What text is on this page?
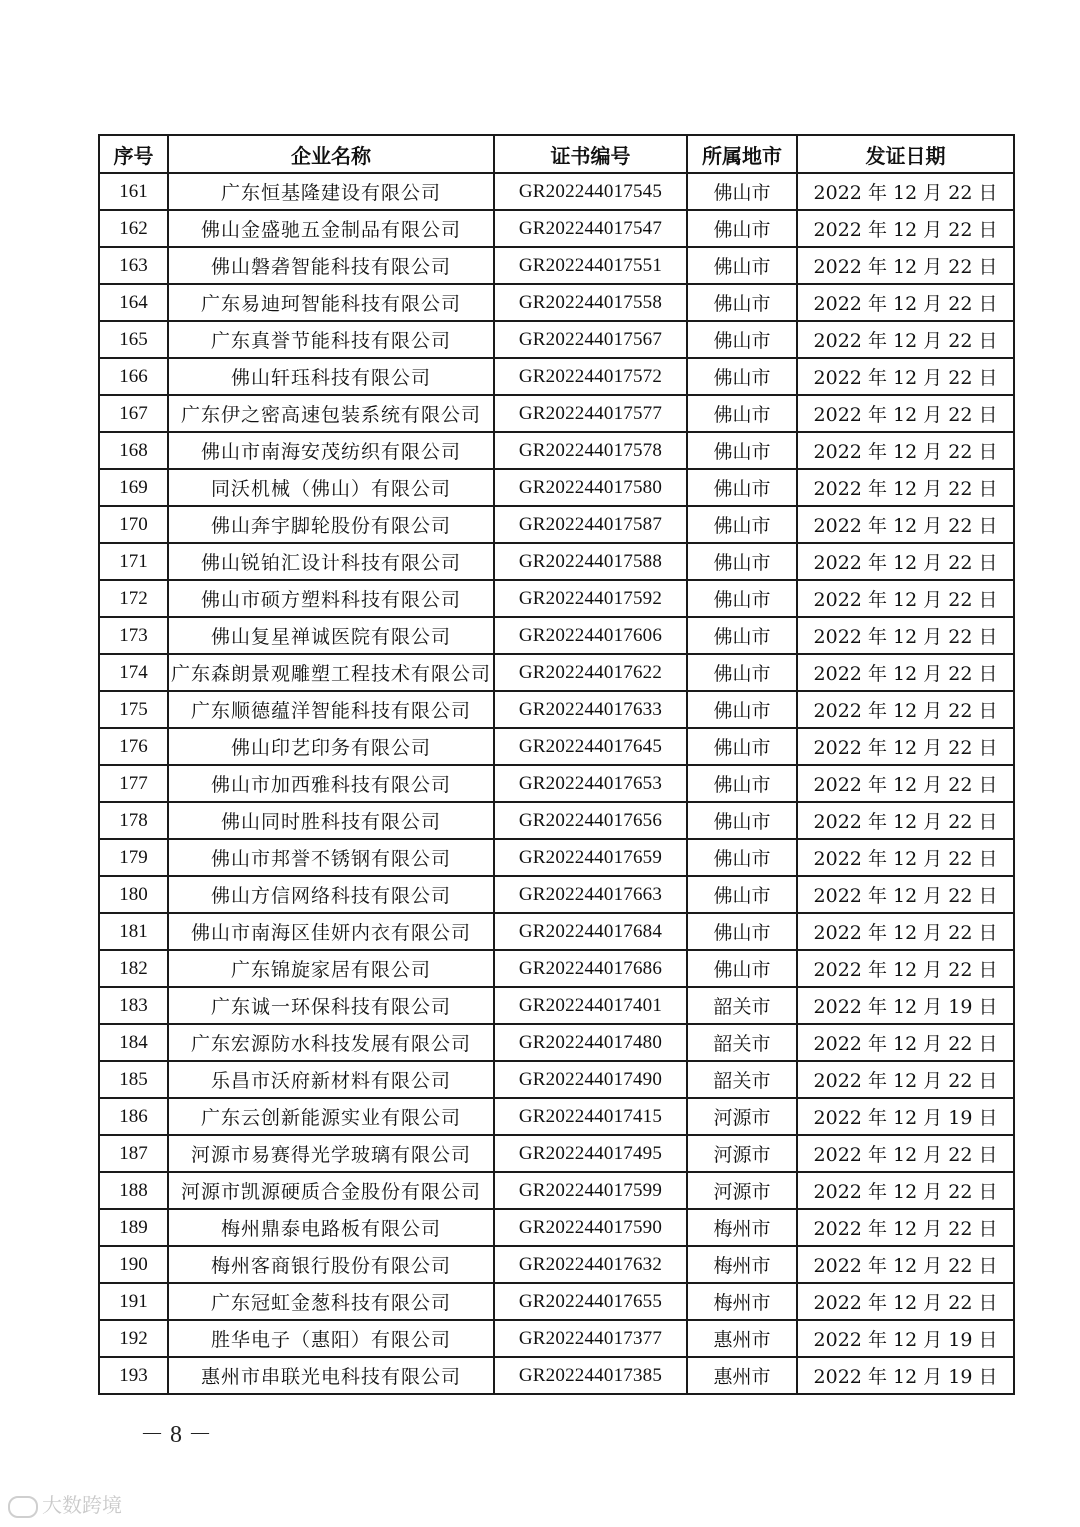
序号	企业名称	证书编号	所属地市	发证日期
161	广东恒基隆建设有限公司	GR202244017545	佛山市	2022 年 12 月 22 日
162	佛山金盛驰五金制品有限公司	GR202244017547	佛山市	2022 年 12 月 22 日
163	佛山磐砻智能科技有限公司	GR202244017551	佛山市	2022 年 12 月 22 日
164	广东易迪珂智能科技有限公司	GR202244017558	佛山市	2022 年 12 月 22 日
165	广东真誉节能科技有限公司	GR202244017567	佛山市	2022 年 12 月 22 日
166	佛山轩珏科技有限公司	GR202244017572	佛山市	2022 年 12 月 22 日
167	广东伊之密高速包装系统有限公司	GR202244017577	佛山市	2022 年 12 月 22 日
168	佛山市南海安茂纺织有限公司	GR202244017578	佛山市	2022 年 12 月 22 日
169	同沃机械（佛山）有限公司	GR202244017580	佛山市	2022 年 12 月 22 日
170	佛山奔宇脚轮股份有限公司	GR202244017587	佛山市	2022 年 12 月 22 日
171	佛山锐铂汇设计科技有限公司	GR202244017588	佛山市	2022 年 12 月 22 日
172	佛山市硕方塑料科技有限公司	GR202244017592	佛山市	2022 年 12 月 22 日
173	佛山复星禅诚医院有限公司	GR202244017606	佛山市	2022 年 12 月 22 日
174	广东森朗景观雕塑工程技术有限公司	GR202244017622	佛山市	2022 年 12 月 22 日
175	广东顺德蕴洋智能科技有限公司	GR202244017633	佛山市	2022 年 12 月 22 日
176	佛山印艺印务有限公司	GR202244017645	佛山市	2022 年 12 月 22 日
177	佛山市加西雅科技有限公司	GR202244017653	佛山市	2022 年 12 月 22 日
178	佛山同时胜科技有限公司	GR202244017656	佛山市	2022 年 12 月 22 日
179	佛山市邦誉不锈钢有限公司	GR202244017659	佛山市	2022 年 12 月 22 日
180	佛山方信网络科技有限公司	GR202244017663	佛山市	2022 年 12 月 22 日
181	佛山市南海区佳妍内衣有限公司	GR202244017684	佛山市	2022 年 12 月 22 日
182	广东锦旋家居有限公司	GR202244017686	佛山市	2022 年 12 月 22 日
183	广东诚一环保科技有限公司	GR202244017401	韶关市	2022 年 12 月 19 日
184	广东宏源防水科技发展有限公司	GR202244017480	韶关市	2022 年 12 月 22 日
185	乐昌市沃府新材料有限公司	GR202244017490	韶关市	2022 年 12 月 22 日
186	广东云创新能源实业有限公司	GR202244017415	河源市	2022 年 12 月 19 日
187	河源市易赛得光学玻璃有限公司	GR202244017495	河源市	2022 年 12 月 22 日
188	河源市凯源硬质合金股份有限公司	GR202244017599	河源市	2022 年 12 月 22 日
189	梅州鼎泰电路板有限公司	GR202244017590	梅州市	2022 年 12 月 22 日
190	梅州客商银行股份有限公司	GR202244017632	梅州市	2022 年 12 月 22 日
191	广东冠虹金葱科技有限公司	GR202244017655	梅州市	2022 年 12 月 22 日
192	胜华电子（惠阳）有限公司	GR202244017377	惠州市	2022 年 12 月 19 日
193	惠州市串联光电科技有限公司	GR202244017385	惠州市	2022 年 12 月 19 日
－ 8 －
大数跨境
